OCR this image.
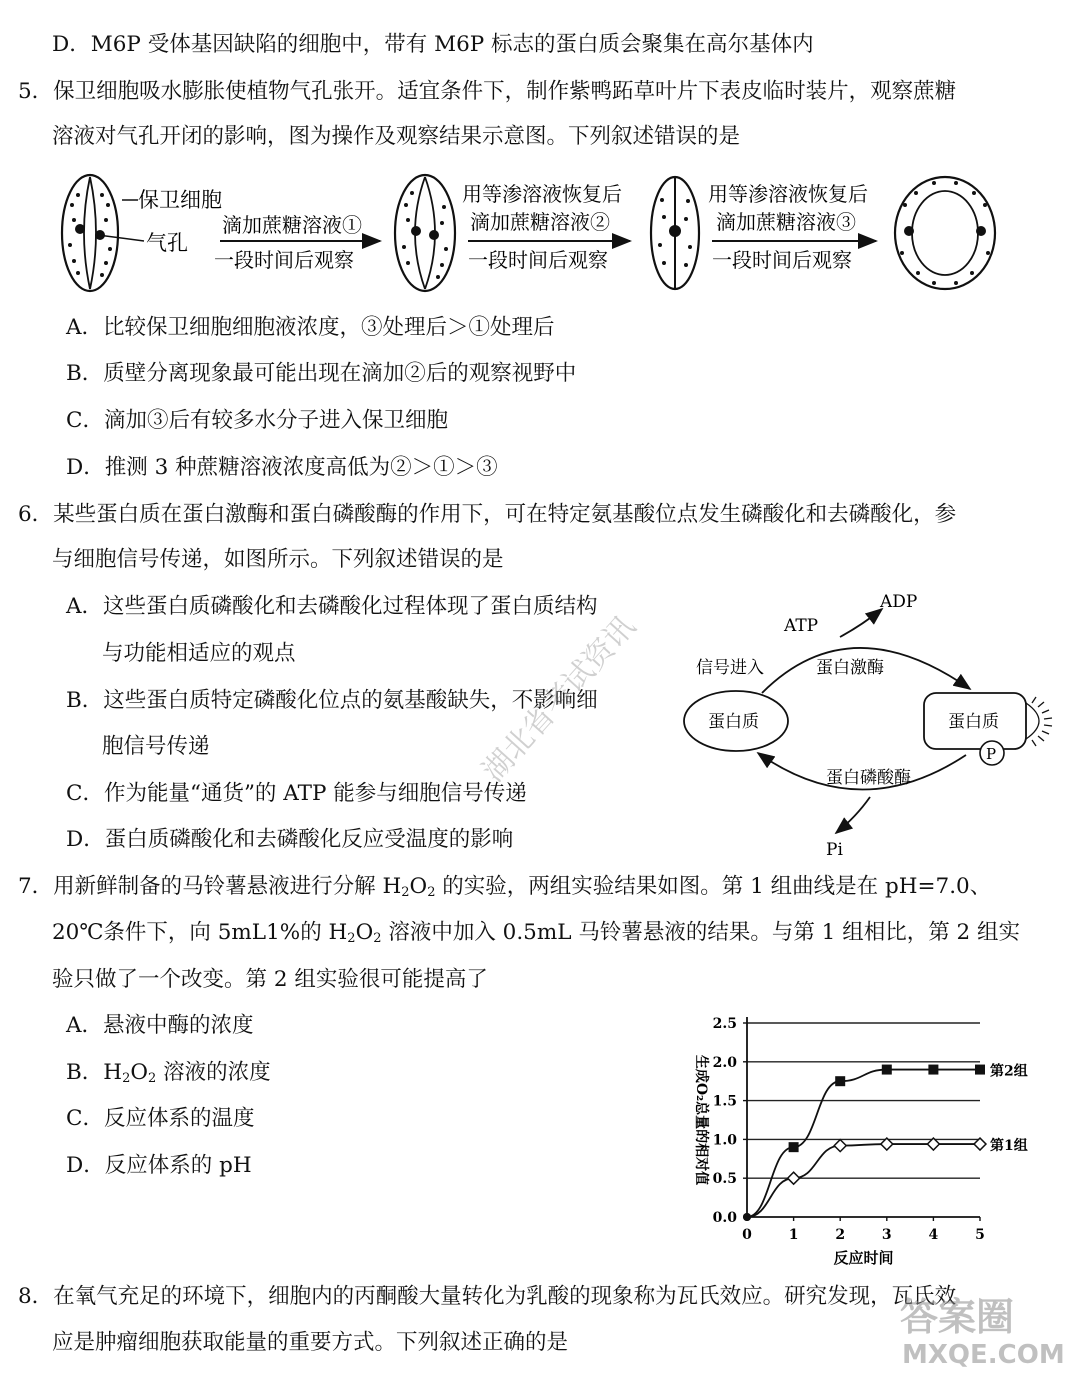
D．M6P 受体基因缺陷的细胞中，带有 M6P 标志的蛋白质会聚集在高尔基体内
5．保卫细胞吸水膨胀使植物气孔张开。适宜条件下，制作紫鸭跖草叶片下表皮临时装片，观察蔗糖
溶液对气孔开闭的影响，图为操作及观察结果示意图。下列叙述错误的是
保卫细胞
气孔
滴加蔗糖溶液①
一段时间后观察
用等渗溶液恢复后
滴加蔗糖溶液②
一段时间后观察
用等渗溶液恢复后
滴加蔗糖溶液③
一段时间后观察
A．比较保卫细胞细胞液浓度，③处理后＞①处理后
B．质壁分离现象最可能出现在滴加②后的观察视野中
C．滴加③后有较多水分子进入保卫细胞
D．推测 3 种蔗糖溶液浓度高低为②＞①＞③
6．某些蛋白质在蛋白激酶和蛋白磷酸酶的作用下，可在特定氨基酸位点发生磷酸化和去磷酸化，参
与细胞信号传递，如图所示。下列叙述错误的是
A．这些蛋白质磷酸化和去磷酸化过程体现了蛋白质结构
与功能相适应的观点
B．这些蛋白质特定磷酸化位点的氨基酸缺失，不影响细
胞信号传递
C．作为能量“通货”的 ATP 能参与细胞信号传递
D．蛋白质磷酸化和去磷酸化反应受温度的影响
ADP
ATP
信号进入	蛋白激酶
蛋白质	蛋白质
P
蛋白磷酸酶
Pi
7．用新鲜制备的马铃薯悬液进行分解 $H_2O_2$ 的实验，两组实验结果如图。第 1 组曲线是在 pH=7.0、
20℃条件下，向 5mL1%的 $H_2O_2$ 溶液中加入 0.5mL 马铃薯悬液的结果。与第 1 组相比，第 2 组实
验只做了一个改变。第 2 组实验很可能提高了
A．悬液中酶的浓度
B．$H_2O_2$ 溶液的浓度
C．反应体系的温度
D．反应体系的 pH
0.0
0.5
1.0
1.5
2.0
2.5
0	1	2	3	4	5
反应时间
生成O₂总量的相对值	第2组
第1组
8．在氧气充足的环境下，细胞内的丙酮酸大量转化为乳酸的现象称为瓦氏效应。研究发现，瓦氏效
应是肿瘤细胞获取能量的重要方式。下列叙述正确的是
湖北省考试资讯
答案圈
MXQE.COM
